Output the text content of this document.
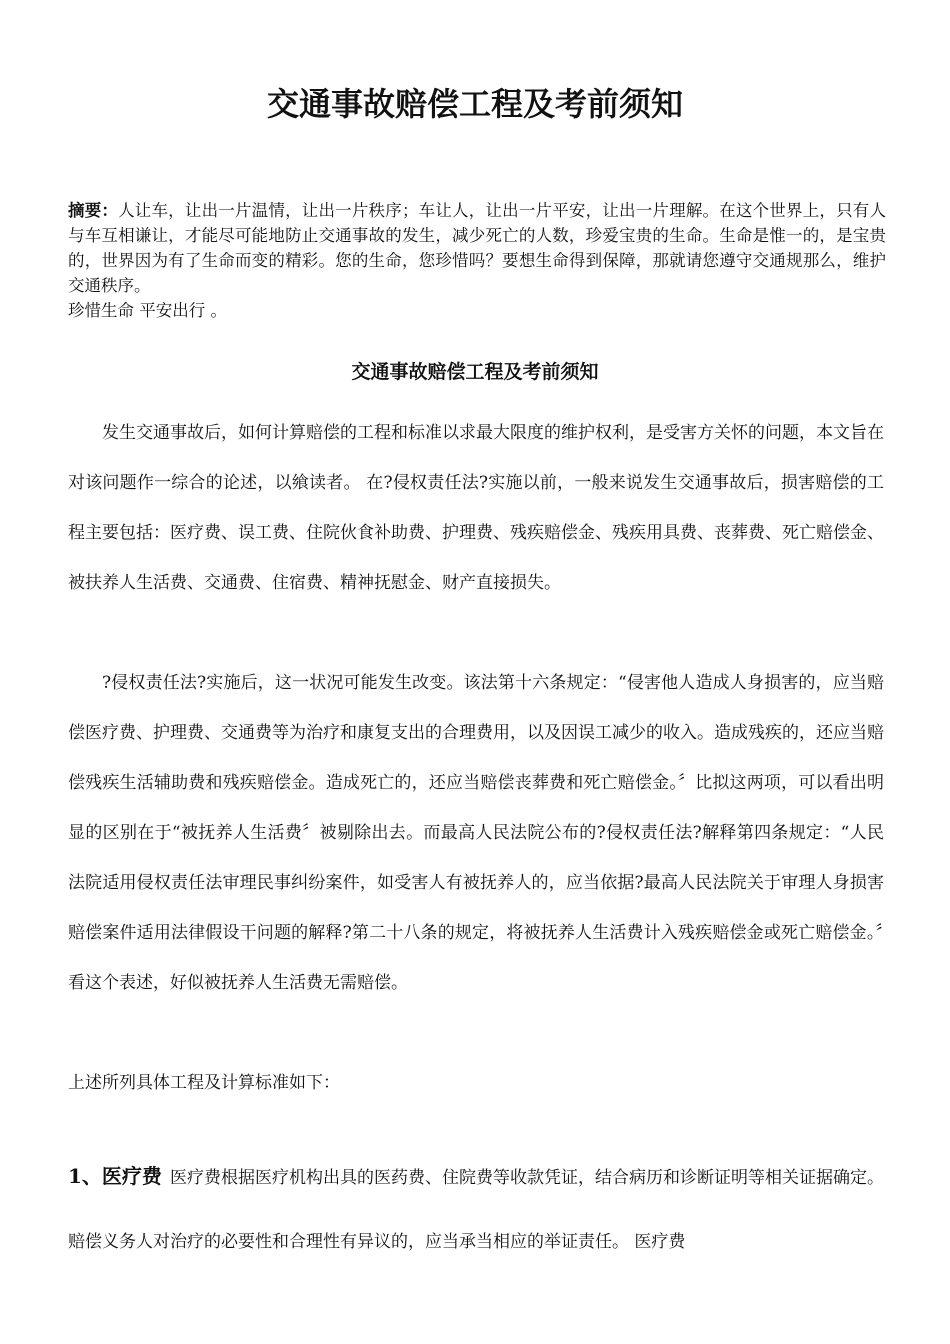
交通事故赔偿工程及考前须知

摘要：人让车，让出一片温情，让出一片秩序；车让人，让出一片平安，让出一片理解。在这个世界上，只有人与车互相谦让，才能尽可能地防止交通事故的发生，减少死亡的人数，珍爱宝贵的生命。生命是惟一的，是宝贵的，世界因为有了生命而变的精彩。您的生命，您珍惜吗？要想生命得到保障，那就请您遵守交通规那么，维护交通秩序。

珍惜生命 平安出行 。

交通事故赔偿工程及考前须知

发生交通事故后，如何计算赔偿的工程和标准以求最大限度的维护权利，是受害方关怀的问题，本文旨在对该问题作一综合的论述，以飨读者。 在?侵权责任法?实施以前，一般来说发生交通事故后，损害赔偿的工程主要包括：医疗费、误工费、住院伙食补助费、护理费、残疾赔偿金、残疾用具费、丧葬费、死亡赔偿金、被扶养人生活费、交通费、住宿费、精神抚慰金、财产直接损失。

?侵权责任法?实施后，这一状况可能发生改变。该法第十六条规定：“侵害他人造成人身损害的，应当赔偿医疗费、护理费、交通费等为治疗和康复支出的合理费用，以及因误工减少的收入。造成残疾的，还应当赔偿残疾生活辅助费和残疾赔偿金。造成死亡的，还应当赔偿丧葬费和死亡赔偿金。〞比拟这两项，可以看出明显的区别在于“被抚养人生活费〞被剔除出去。而最高人民法院公布的?侵权责任法?解释第四条规定：“人民法院适用侵权责任法审理民事纠纷案件，如受害人有被抚养人的，应当依据?最高人民法院关于审理人身损害赔偿案件适用法律假设干问题的解释?第二十八条的规定，将被抚养人生活费计入残疾赔偿金或死亡赔偿金。〞看这个表述，好似被抚养人生活费无需赔偿。

上述所列具体工程及计算标准如下：

1、医疗费 医疗费根据医疗机构出具的医药费、住院费等收款凭证，结合病历和诊断证明等相关证据确定。赔偿义务人对治疗的必要性和合理性有异议的，应当承当相应的举证责任。 医疗费
